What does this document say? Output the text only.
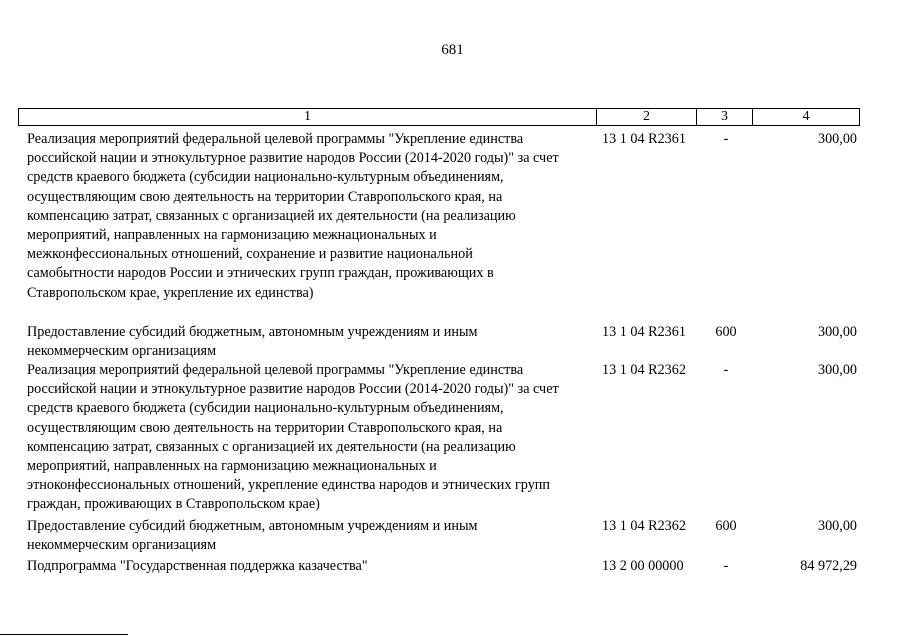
681
1	2	3	4
Реализация мероприятий федеральной целевой программы "Укрепление единства
российской нации и этнокультурное развитие народов России (2014-2020 годы)" за счет
средств краевого бюджета (субсидии национально-культурным объединениям,
осуществляющим свою деятельность на территории Ставропольского края, на
компенсацию затрат, связанных с организацией их деятельности (на реализацию
мероприятий, направленных на гармонизацию межнациональных и
межконфессиональных отношений, сохранение и развитие национальной
самобытности народов России и этнических групп граждан, проживающих в
Ставропольском крае, укрепление их единства)
13 1 04 R2361	-	300,00
Предоставление субсидий бюджетным, автономным учреждениям и иным
некоммерческим организациям
13 1 04 R2361	600	300,00
Реализация мероприятий федеральной целевой программы "Укрепление единства
российской нации и этнокультурное развитие народов России (2014-2020 годы)" за счет
средств краевого бюджета (субсидии национально-культурным объединениям,
осуществляющим свою деятельность на территории Ставропольского края, на
компенсацию затрат, связанных с организацией их деятельности (на реализацию
мероприятий, направленных на гармонизацию межнациональных и
этноконфессиональных отношений, укрепление единства народов и этнических групп
граждан, проживающих в Ставропольском крае)
13 1 04 R2362	-	300,00
Предоставление субсидий бюджетным, автономным учреждениям и иным
некоммерческим организациям
13 1 04 R2362	600	300,00
Подпрограмма "Государственная поддержка казачества"	13 2 00 00000	-	84 972,29
